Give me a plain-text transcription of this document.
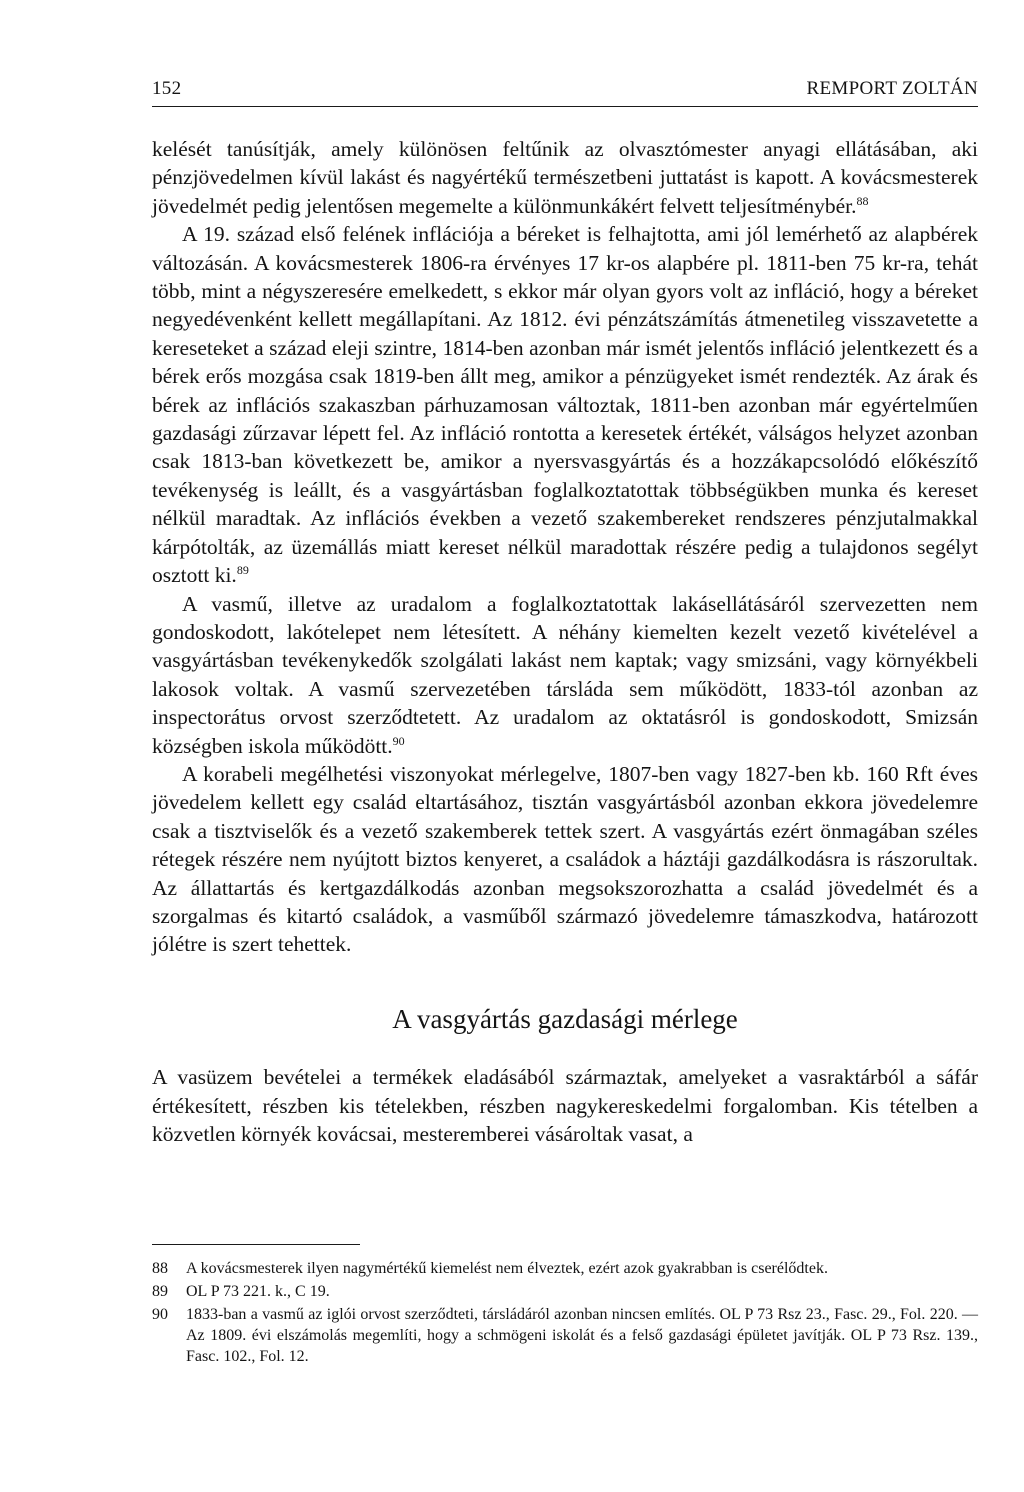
152	REMPORT ZOLTÁN

kelését tanúsítják, amely különösen feltűnik az olvasztómester anyagi ellátásában, aki pénzjövedelmen kívül lakást és nagyértékű természetbeni juttatást is kapott. A kovácsmesterek jövedelmét pedig jelentősen megemelte a különmunkákért felvett teljesítménybér.$^{88}$

A 19. század első felének inflációja a béreket is felhajtotta, ami jól lemérhető az alapbérek változásán. A kovácsmesterek 1806-ra érvényes 17 kr-os alapbére pl. 1811-ben 75 kr-ra, tehát több, mint a négyszeresére emelkedett, s ekkor már olyan gyors volt az infláció, hogy a béreket negyedévenként kellett megállapítani. Az 1812. évi pénzátszámítás átmenetileg visszavetette a kereseteket a század eleji szintre, 1814-ben azonban már ismét jelentős infláció jelentkezett és a bérek erős mozgása csak 1819-ben állt meg, amikor a pénzügyeket ismét rendezték. Az árak és bérek az inflációs szakaszban párhuzamosan változtak, 1811-ben azonban már egyértelműen gazdasági zűrzavar lépett fel. Az infláció rontotta a keresetek értékét, válságos helyzet azonban csak 1813-ban következett be, amikor a nyersvasgyártás és a hozzákapcsolódó előkészítő tevékenység is leállt, és a vasgyártásban foglalkoztatottak többségükben munka és kereset nélkül maradtak. Az inflációs években a vezető szakembereket rendszeres pénzjutalmakkal kárpótolták, az üzemállás miatt kereset nélkül maradottak részére pedig a tulajdonos segélyt osztott ki.$^{89}$

A vasmű, illetve az uradalom a foglalkoztatottak lakásellátásáról szervezetten nem gondoskodott, lakótelepet nem létesített. A néhány kiemelten kezelt vezető kivételével a vasgyártásban tevékenykedők szolgálati lakást nem kaptak; vagy smizsáni, vagy környékbeli lakosok voltak. A vasmű szervezetében társláda sem működött, 1833-tól azonban az inspectorátus orvost szerződtetett. Az uradalom az oktatásról is gondoskodott, Smizsán községben iskola működött.$^{90}$

A korabeli megélhetési viszonyokat mérlegelve, 1807-ben vagy 1827-ben kb. 160 Rft éves jövedelem kellett egy család eltartásához, tisztán vasgyártásból azonban ekkora jövedelemre csak a tisztviselők és a vezető szakemberek tettek szert. A vasgyártás ezért önmagában széles rétegek részére nem nyújtott biztos kenyeret, a családok a háztáji gazdálkodásra is rászorultak. Az állattartás és kertgazdálkodás azonban megsokszorozhatta a család jövedelmét és a szorgalmas és kitartó családok, a vasműből származó jövedelemre támaszkodva, határozott jólétre is szert tehettek.

A vasgyártás gazdasági mérlege

A vasüzem bevételei a termékek eladásából származtak, amelyeket a vasraktárból a sáfár értékesített, részben kis tételekben, részben nagykereskedelmi forgalomban. Kis tételben a közvetlen környék kovácsai, mesteremberei vásároltak vasat, a

88	A kovácsmesterek ilyen nagymértékű kiemelést nem élveztek, ezért azok gyakrabban is cserélődtek.
89	OL P 73 221. k., C 19.
90	1833-ban a vasmű az iglói orvost szerződteti, társládáról azonban nincsen említés. OL P 73 Rsz 23., Fasc. 29., Fol. 220. — Az 1809. évi elszámolás megemlíti, hogy a schmögeni iskolát és a felső gazdasági épületet javítják. OL P 73 Rsz. 139., Fasc. 102., Fol. 12.
